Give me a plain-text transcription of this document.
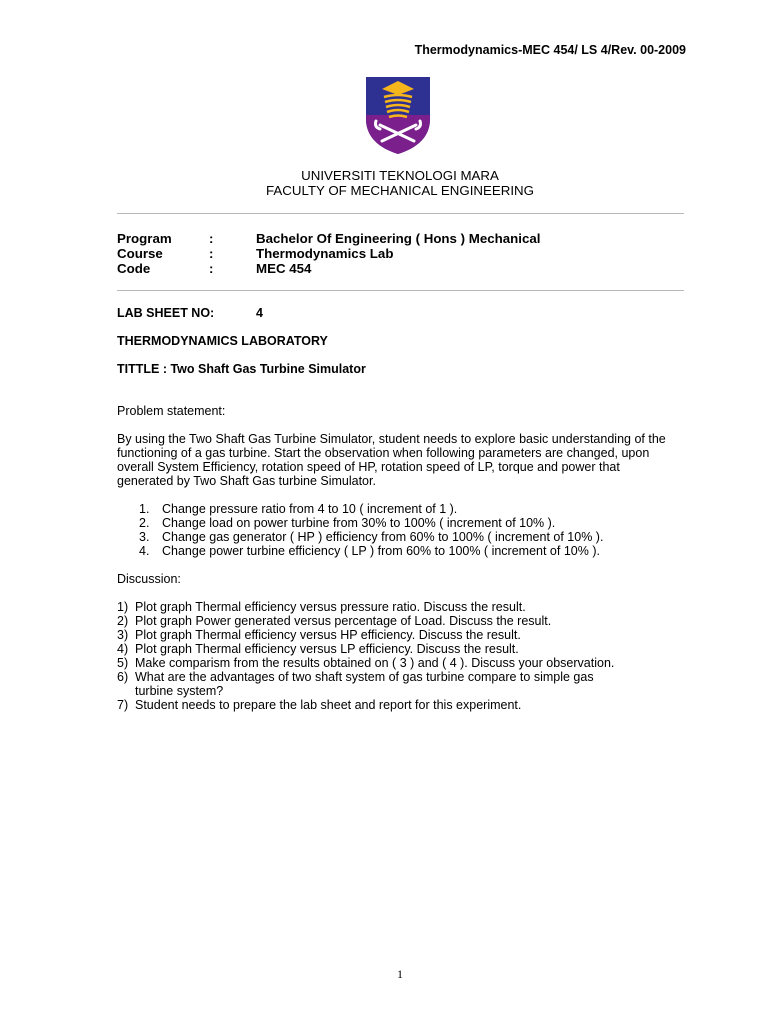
Thermodynamics-MEC 454/ LS 4/Rev. 00-2009
UNIVERSITI TEKNOLOGI MARA
FACULTY OF MECHANICAL ENGINEERING
Program	:	Bachelor Of Engineering ( Hons ) Mechanical
Course	:	Thermodynamics Lab
Code	:	MEC 454
LAB SHEET NO:	4
THERMODYNAMICS LABORATORY
TITTLE : Two Shaft Gas Turbine Simulator
Problem statement:
By using the Two Shaft Gas Turbine Simulator, student needs to explore basic understanding of the
functioning of a gas turbine. Start the observation when following parameters are changed, upon
overall System Efficiency, rotation speed of HP, rotation speed of LP, torque and power that
generated by Two Shaft Gas turbine Simulator.
1. Change pressure ratio from 4 to 10 ( increment of 1 ).
2. Change load on power turbine from 30% to 100% ( increment of 10% ).
3. Change gas generator ( HP ) efficiency from 60% to 100% ( increment of 10% ).
4. Change power turbine efficiency ( LP ) from 60% to 100% ( increment of 10% ).
Discussion:
1) Plot graph Thermal efficiency versus pressure ratio. Discuss the result.
2) Plot graph Power generated versus percentage of Load. Discuss the result.
3) Plot graph Thermal efficiency versus HP efficiency. Discuss the result.
4) Plot graph Thermal efficiency versus LP efficiency. Discuss the result.
5) Make comparism from the results obtained on ( 3 ) and ( 4 ). Discuss your observation.
6) What are the advantages of two shaft system of gas turbine compare to simple gas
turbine system?
7) Student needs to prepare the lab sheet and report for this experiment.
1
